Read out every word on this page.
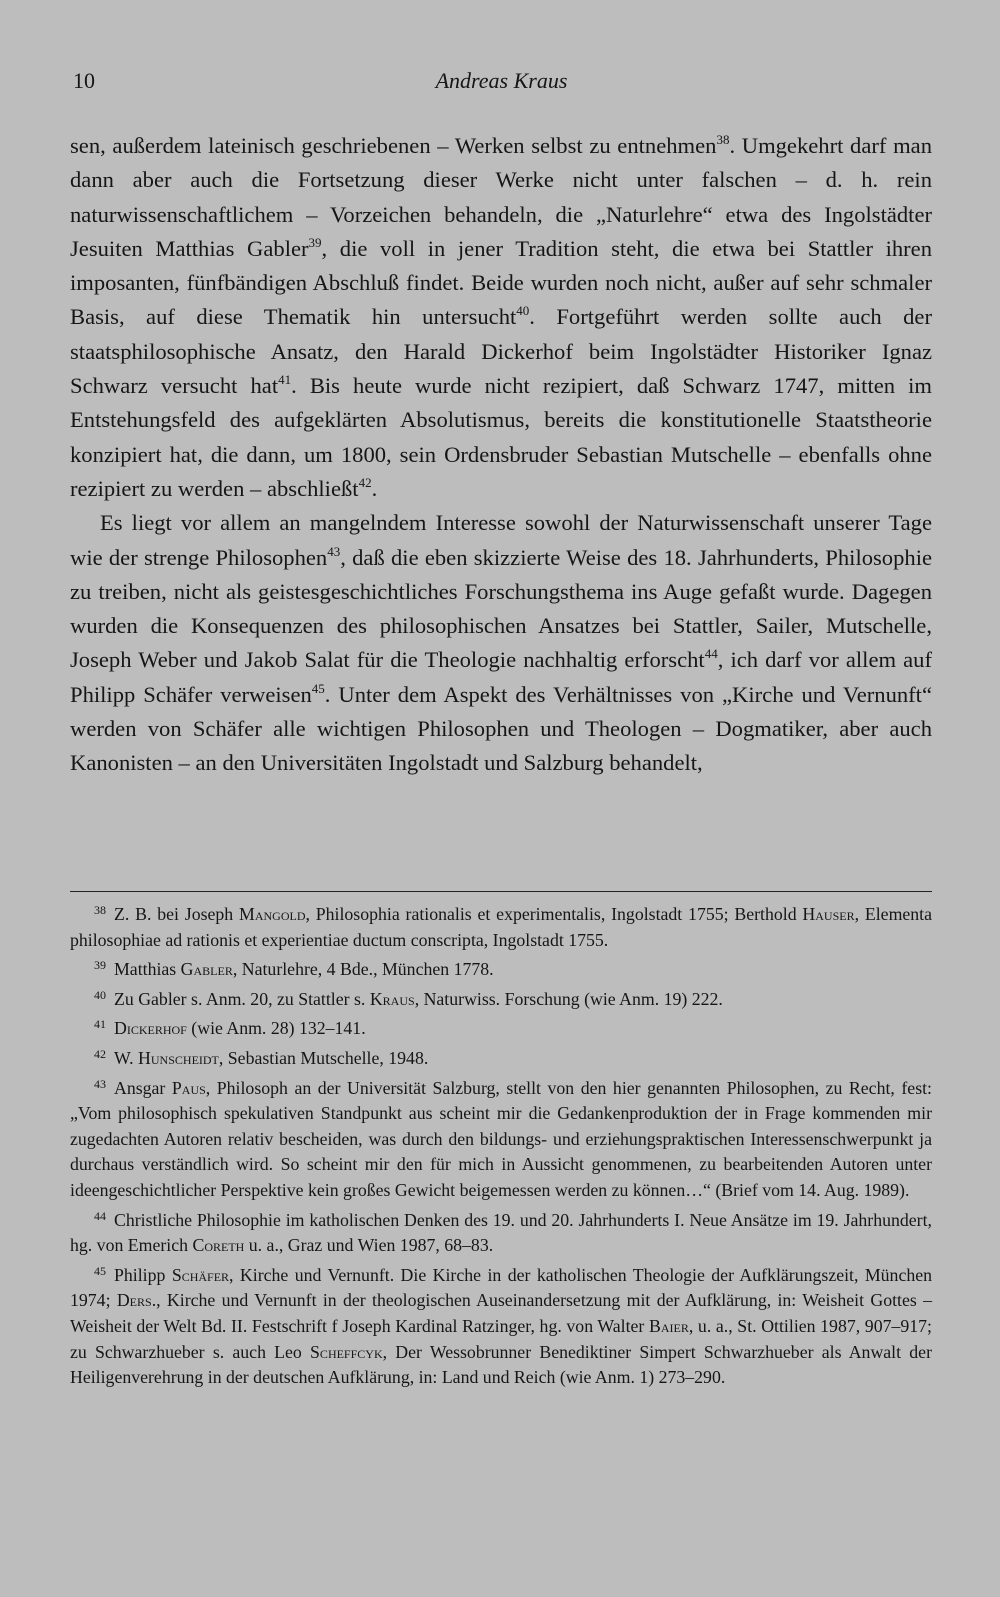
10	Andreas Kraus

sen, außerdem lateinisch geschriebenen – Werken selbst zu entnehmen$^{38}$. Umgekehrt darf man dann aber auch die Fortsetzung dieser Werke nicht unter falschen – d. h. rein naturwissenschaftlichem – Vorzeichen behandeln, die „Naturlehre“ etwa des Ingolstädter Jesuiten Matthias Gabler$^{39}$, die voll in jener Tradition steht, die etwa bei Stattler ihren imposanten, fünfbändigen Abschluß findet. Beide wurden noch nicht, außer auf sehr schmaler Basis, auf diese Thematik hin untersucht$^{40}$. Fortgeführt werden sollte auch der staatsphilosophische Ansatz, den Harald Dickerhof beim Ingolstädter Historiker Ignaz Schwarz versucht hat$^{41}$. Bis heute wurde nicht rezipiert, daß Schwarz 1747, mitten im Entstehungsfeld des aufgeklärten Absolutismus, bereits die konstitutionelle Staatstheorie konzipiert hat, die dann, um 1800, sein Ordensbruder Sebastian Mutschelle – ebenfalls ohne rezipiert zu werden – abschließt$^{42}$.

Es liegt vor allem an mangelndem Interesse sowohl der Naturwissenschaft unserer Tage wie der strenge Philosophen$^{43}$, daß die eben skizzierte Weise des 18. Jahrhunderts, Philosophie zu treiben, nicht als geistesgeschichtliches Forschungsthema ins Auge gefaßt wurde. Dagegen wurden die Konsequenzen des philosophischen Ansatzes bei Stattler, Sailer, Mutschelle, Joseph Weber und Jakob Salat für die Theologie nachhaltig erforscht$^{44}$, ich darf vor allem auf Philipp Schäfer verweisen$^{45}$. Unter dem Aspekt des Verhältnisses von „Kirche und Vernunft“ werden von Schäfer alle wichtigen Philosophen und Theologen – Dogmatiker, aber auch Kanonisten – an den Universitäten Ingolstadt und Salzburg behandelt,

$^{38}$ Z. B. bei Joseph Mangold, Philosophia rationalis et experimentalis, Ingolstadt 1755; Berthold Hauser, Elementa philosophiae ad rationis et experientiae ductum conscripta, Ingolstadt 1755.

$^{39}$ Matthias Gabler, Naturlehre, 4 Bde., München 1778.

$^{40}$ Zu Gabler s. Anm. 20, zu Stattler s. Kraus, Naturwiss. Forschung (wie Anm. 19) 222.

$^{41}$ Dickerhof (wie Anm. 28) 132–141.

$^{42}$ W. Hunscheidt, Sebastian Mutschelle, 1948.

$^{43}$ Ansgar Paus, Philosoph an der Universität Salzburg, stellt von den hier genannten Philosophen, zu Recht, fest: „Vom philosophisch spekulativen Standpunkt aus scheint mir die Gedankenproduktion der in Frage kommenden mir zugedachten Autoren relativ bescheiden, was durch den bildungs- und erziehungspraktischen Interessenschwerpunkt ja durchaus verständlich wird. So scheint mir den für mich in Aussicht genommenen, zu bearbeitenden Autoren unter ideengeschichtlicher Perspektive kein großes Gewicht beigemessen werden zu können…“ (Brief vom 14. Aug. 1989).

$^{44}$ Christliche Philosophie im katholischen Denken des 19. und 20. Jahrhunderts I. Neue Ansätze im 19. Jahrhundert, hg. von Emerich Coreth u. a., Graz und Wien 1987, 68–83.

$^{45}$ Philipp Schäfer, Kirche und Vernunft. Die Kirche in der katholischen Theologie der Aufklärungszeit, München 1974; Ders., Kirche und Vernunft in der theologischen Auseinandersetzung mit der Aufklärung, in: Weisheit Gottes – Weisheit der Welt Bd. II. Festschrift f Joseph Kardinal Ratzinger, hg. von Walter Baier, u. a., St. Ottilien 1987, 907–917; zu Schwarzhueber s. auch Leo Scheffcyk, Der Wessobrunner Benediktiner Simpert Schwarzhueber als Anwalt der Heiligenverehrung in der deutschen Aufklärung, in: Land und Reich (wie Anm. 1) 273–290.
